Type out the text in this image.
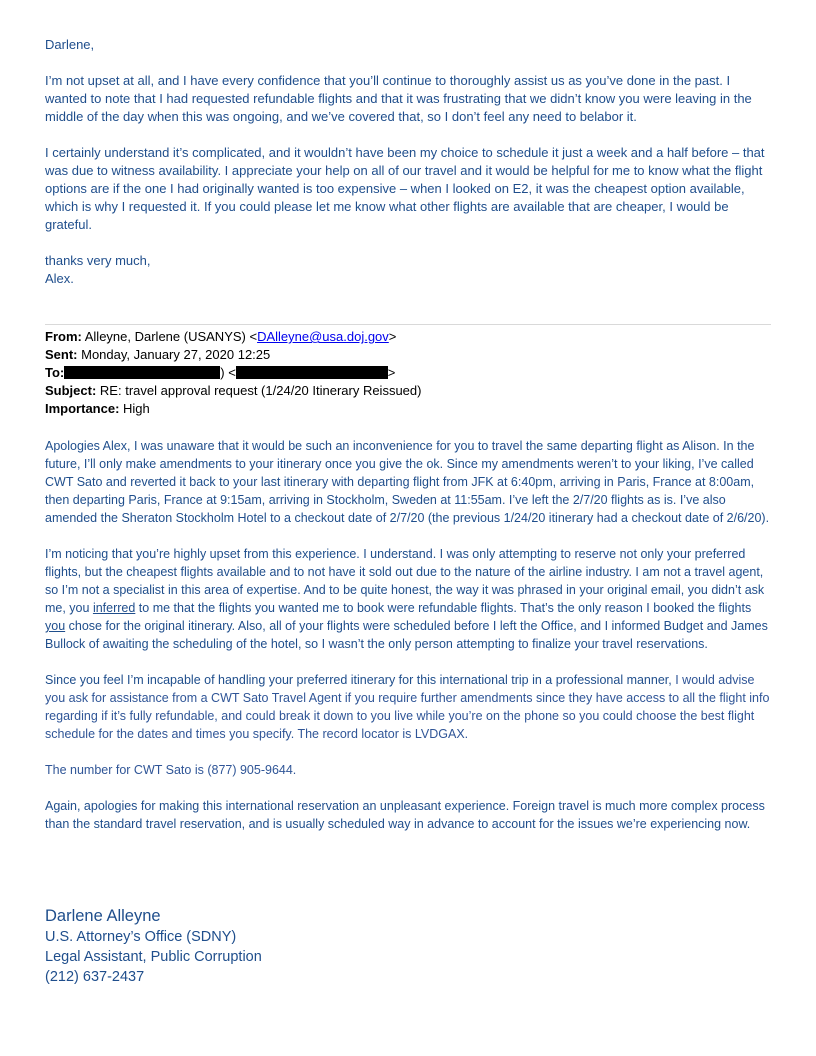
Darlene,

I’m not upset at all, and I have every confidence that you’ll continue to thoroughly assist us as you’ve done in the past. I wanted to note that I had requested refundable flights and that it was frustrating that we didn’t know you were leaving in the middle of the day when this was ongoing, and we’ve covered that, so I don’t feel any need to belabor it.

I certainly understand it’s complicated, and it wouldn’t have been my choice to schedule it just a week and a half before – that was due to witness availability. I appreciate your help on all of our travel and it would be helpful for me to know what the flight options are if the one I had originally wanted is too expensive – when I looked on E2, it was the cheapest option available, which is why I requested it. If you could please let me know what other flights are available that are cheaper, I would be grateful.

thanks very much,

Alex.

From: Alleyne, Darlene (USANYS) <DAlleyne@usa.doj.gov>
Sent: Monday, January 27, 2020 12:25
To:	) <	>
Subject: RE: travel approval request (1/24/20 Itinerary Reissued)
Importance: High

Apologies Alex, I was unaware that it would be such an inconvenience for you to travel the same departing flight as Alison. In the future, I’ll only make amendments to your itinerary once you give the ok. Since my amendments weren’t to your liking, I’ve called CWT Sato and reverted it back to your last itinerary with departing flight from JFK at 6:40pm, arriving in Paris, France at 8:00am, then departing Paris, France at 9:15am, arriving in Stockholm, Sweden at 11:55am. I’ve left the 2/7/20 flights as is. I’ve also amended the Sheraton Stockholm Hotel to a checkout date of 2/7/20 (the previous 1/24/20 itinerary had a checkout date of 2/6/20).

I’m noticing that you’re highly upset from this experience. I understand. I was only attempting to reserve not only your preferred flights, but the cheapest flights available and to not have it sold out due to the nature of the airline industry. I am not a travel agent, so I’m not a specialist in this area of expertise. And to be quite honest, the way it was phrased in your original email, you didn’t ask me, you inferred to me that the flights you wanted me to book were refundable flights. That’s the only reason I booked the flights you chose for the original itinerary. Also, all of your flights were scheduled before I left the Office, and I informed Budget and James Bullock of awaiting the scheduling of the hotel, so I wasn’t the only person attempting to finalize your travel reservations.

Since you feel I’m incapable of handling your preferred itinerary for this international trip in a professional manner, I would advise you ask for assistance from a CWT Sato Travel Agent if you require further amendments since they have access to all the flight info regarding if it’s fully refundable, and could break it down to you live while you’re on the phone so you could choose the best flight schedule for the dates and times you specify. The record locator is LVDGAX.

The number for CWT Sato is (877) 905-9644.

Again, apologies for making this international reservation an unpleasant experience. Foreign travel is much more complex process than the standard travel reservation, and is usually scheduled way in advance to account for the issues we’re experiencing now.

Darlene Alleyne
U.S. Attorney’s Office (SDNY)
Legal Assistant, Public Corruption
(212) 637-2437
